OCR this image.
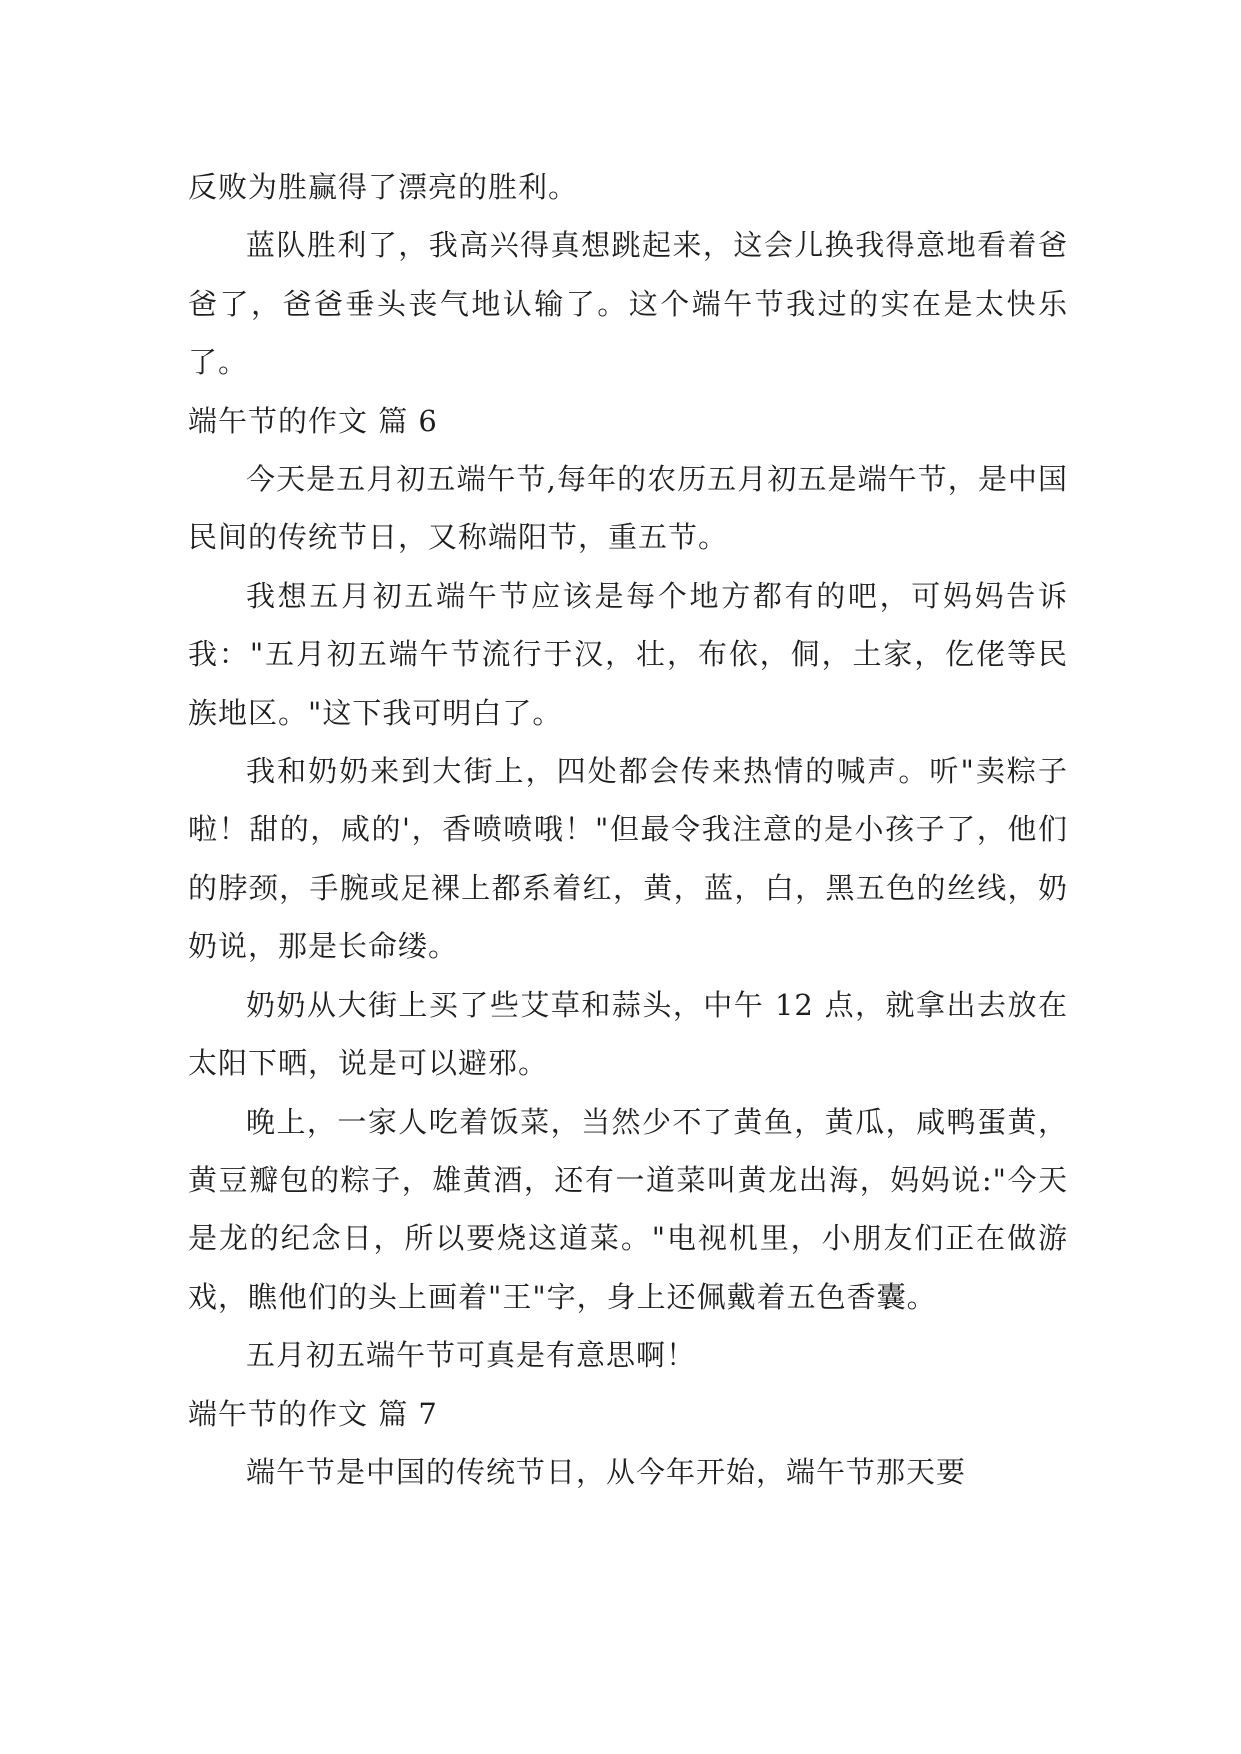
反败为胜赢得了漂亮的胜利。

蓝队胜利了，我高兴得真想跳起来，这会儿换我得意地看着爸爸了，爸爸垂头丧气地认输了。这个端午节我过的实在是太快乐了。

端午节的作文 篇 6

今天是五月初五端午节,每年的农历五月初五是端午节，是中国民间的传统节日，又称端阳节，重五节。

我想五月初五端午节应该是每个地方都有的吧，可妈妈告诉我："五月初五端午节流行于汉，壮，布依，侗，土家，仡佬等民族地区。"这下我可明白了。

我和奶奶来到大街上，四处都会传来热情的喊声。听"卖粽子啦！甜的，咸的'，香喷喷哦！"但最令我注意的是小孩子了，他们的脖颈，手腕或足裸上都系着红，黄，蓝，白，黑五色的丝线，奶奶说，那是长命缕。

奶奶从大街上买了些艾草和蒜头，中午 12 点，就拿出去放在太阳下晒，说是可以避邪。

晚上，一家人吃着饭菜，当然少不了黄鱼，黄瓜，咸鸭蛋黄，黄豆瓣包的粽子，雄黄酒，还有一道菜叫黄龙出海，妈妈说:"今天是龙的纪念日，所以要烧这道菜。"电视机里，小朋友们正在做游戏，瞧他们的头上画着"王"字，身上还佩戴着五色香囊。

五月初五端午节可真是有意思啊！

端午节的作文 篇 7

端午节是中国的传统节日，从今年开始，端午节那天要
